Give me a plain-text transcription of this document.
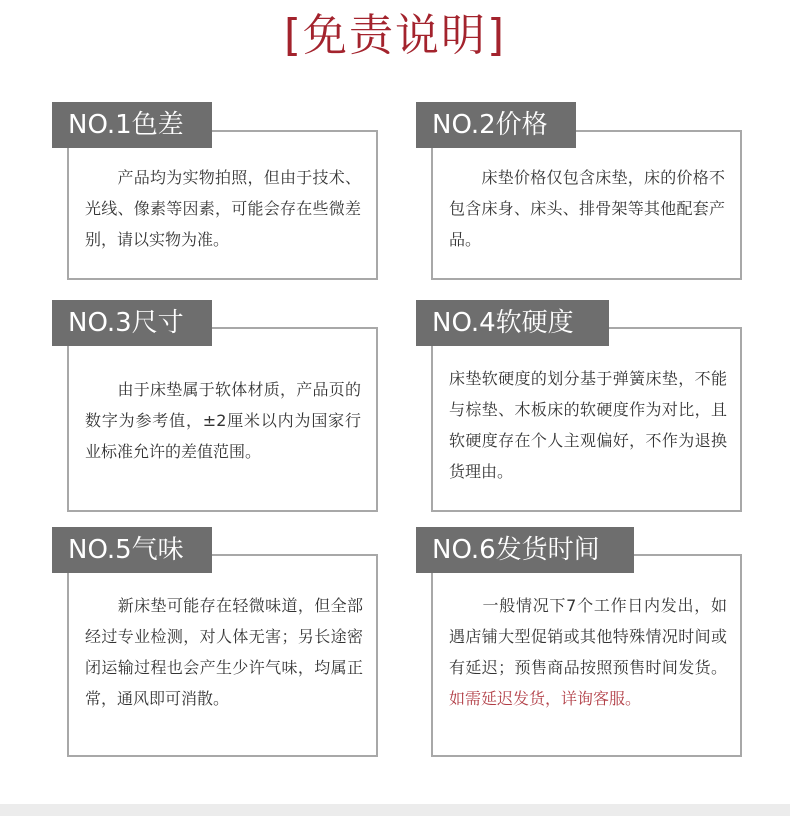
[免责说明]
NO.1色差
　　产品均为实物拍照，但由于技术、光线、像素等因素，可能会存在些微差别，请以实物为准。
NO.2价格
　　床垫价格仅包含床垫，床的价格不包含床身、床头、排骨架等其他配套产品。
NO.3尺寸
　　由于床垫属于软体材质，产品页的数字为参考值，±2厘米以内为国家行业标准允许的差值范围。
NO.4软硬度
床垫软硬度的划分基于弹簧床垫，不能与棕垫、木板床的软硬度作为对比，且软硬度存在个人主观偏好，不作为退换货理由。
NO.5气味
　　新床垫可能存在轻微味道，但全部经过专业检测，对人体无害；另长途密闭运输过程也会产生少许气味，均属正常，通风即可消散。
NO.6发货时间
　　一般情况下7个工作日内发出，如遇店铺大型促销或其他特殊情况时间或有延迟；预售商品按照预售时间发货。如需延迟发货，详询客服。
